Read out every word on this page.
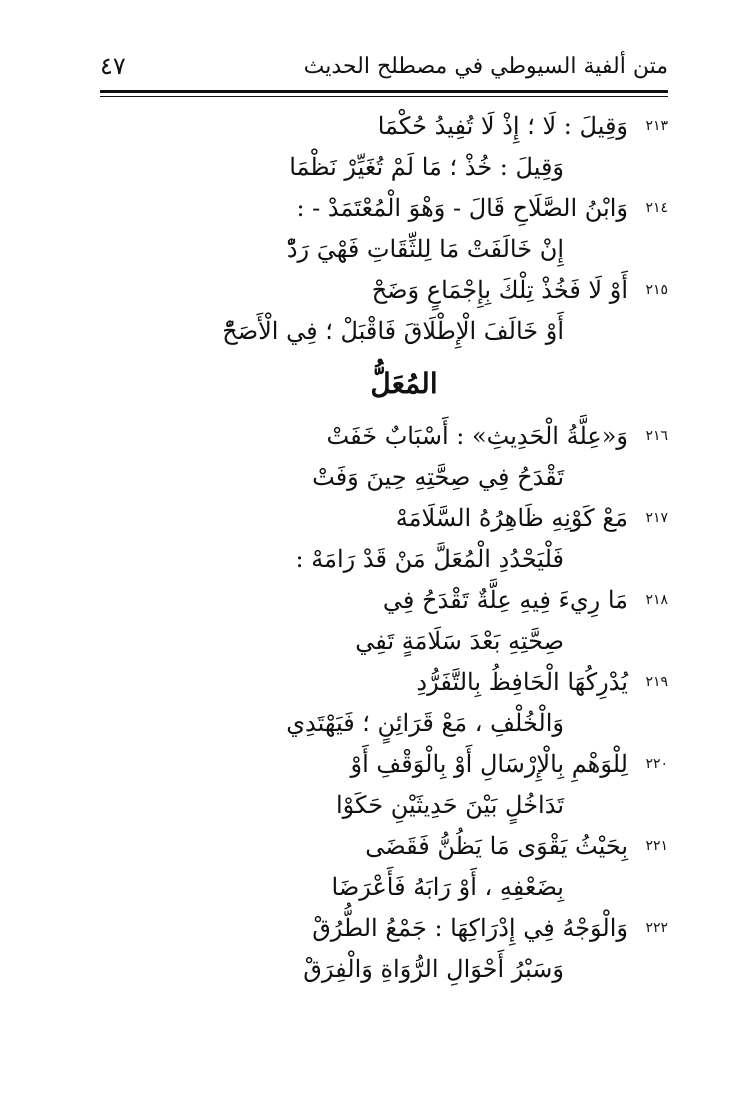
متن ألفية السيوطي في مصطلح الحديث
٤٧
٢١٣
وَقِيلَ : لَا ؛ إِذْ لَا تُفِيدُ حُكْمَا
وَقِيلَ : خُذْ ؛ مَا لَمْ تُغَيِّرْ نَظْمَا
٢١٤
وَابْنُ الصَّلَاحِ قَالَ - وَهْوَ الْمُعْتَمَدْ - :
إِنْ خَالَفَتْ مَا لِلثِّقَاتِ فَهْيَ رَدّْ
٢١٥
أَوْ لَا فَخُذْ تِلْكَ بِإِجْمَاعٍ وَضَحْ
أَوْ خَالَفَ الْإِطْلَاقَ فَاقْبَلْ ؛ فِي الْأَصَحّْ
المُعَلُّ
٢١٦
وَ«عِلَّةُ الْحَدِيثِ» : أَسْبَابٌ خَفَتْ
تَقْدَحُ فِي صِحَّتِهِ حِينَ وَفَتْ
٢١٧
مَعْ كَوْنِهِ ظَاهِرُهُ السَّلَامَهْ
فَلْيَحْدُدِ الْمُعَلَّ مَنْ قَدْ رَامَهْ :
٢١٨
مَا رِيءَ فِيهِ عِلَّةٌ تَقْدَحُ فِي
صِحَّتِهِ بَعْدَ سَلَامَةٍ تَفِي
٢١٩
يُدْرِكُهَا الْحَافِظُ بِالتَّفَرُّدِ
وَالْخُلْفِ ، مَعْ قَرَائِنٍ ؛ فَيَهْتَدِي
٢٢٠
لِلْوَهْمِ بِالْإِرْسَالِ أَوْ بِالْوَقْفِ أَوْ
تَدَاخُلٍ بَيْنَ حَدِيثَيْنِ حَكَوْا
٢٢١
بِحَيْثُ يَقْوَى مَا يَظُنُّ فَقَضَى
بِضَعْفِهِ ، أَوْ رَابَهُ فَأَعْرَضَا
٢٢٢
وَالْوَجْهُ فِي إِدْرَاكِهَا : جَمْعُ الطُّرُقْ
وَسَبْرُ أَحْوَالِ الرُّوَاةِ وَالْفِرَقْ
